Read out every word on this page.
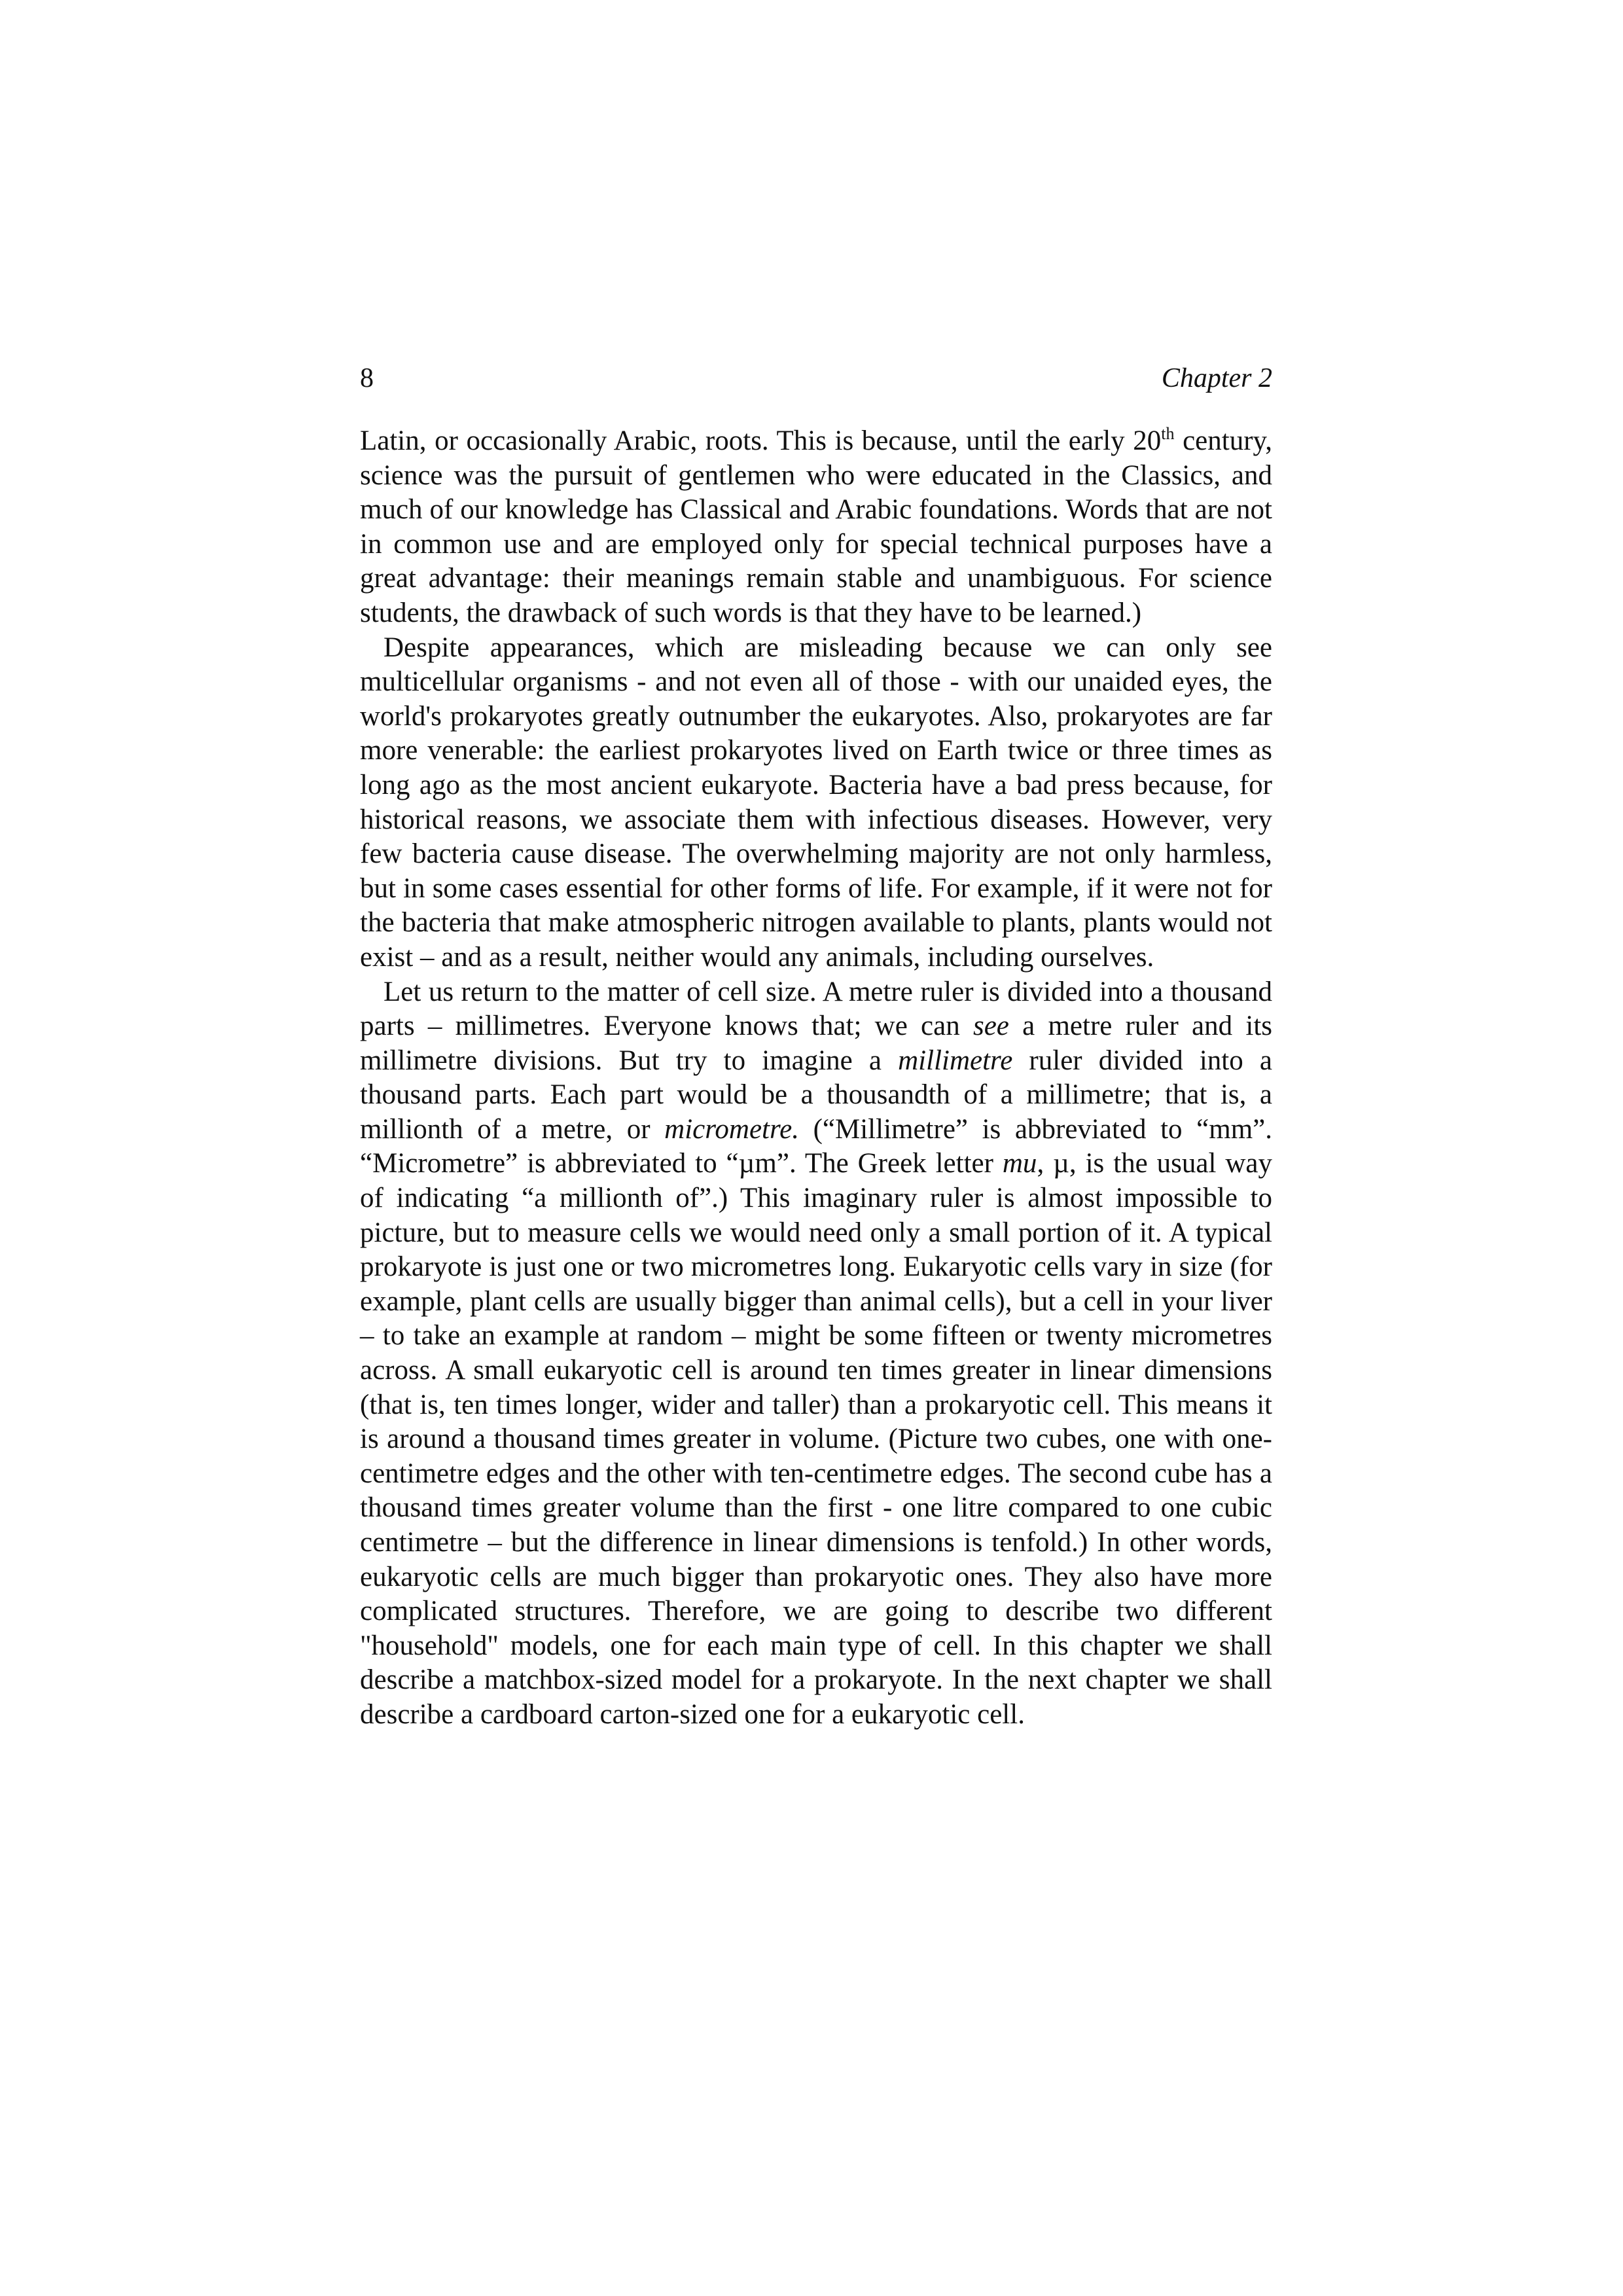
8	Chapter 2

Latin, or occasionally Arabic, roots. This is because, until the early 20th century, science was the pursuit of gentlemen who were educated in the Classics, and much of our knowledge has Classical and Arabic foundations. Words that are not in common use and are employed only for special technical purposes have a great advantage: their meanings remain stable and unambiguous. For science students, the drawback of such words is that they have to be learned.)

Despite appearances, which are misleading because we can only see multicellular organisms - and not even all of those - with our unaided eyes, the world's prokaryotes greatly outnumber the eukaryotes. Also, prokaryotes are far more venerable: the earliest prokaryotes lived on Earth twice or three times as long ago as the most ancient eukaryote. Bacteria have a bad press because, for historical reasons, we associate them with infectious diseases. However, very few bacteria cause disease. The overwhelming majority are not only harmless, but in some cases essential for other forms of life. For example, if it were not for the bacteria that make atmospheric nitrogen available to plants, plants would not exist – and as a result, neither would any animals, including ourselves.

Let us return to the matter of cell size. A metre ruler is divided into a thousand parts – millimetres. Everyone knows that; we can see a metre ruler and its millimetre divisions. But try to imagine a millimetre ruler divided into a thousand parts. Each part would be a thousandth of a millimetre; that is, a millionth of a metre, or micrometre. (“Millimetre” is abbreviated to “mm”. “Micrometre” is abbreviated to “µm”. The Greek letter mu, µ, is the usual way of indicating “a millionth of”.) This imaginary ruler is almost impossible to picture, but to measure cells we would need only a small portion of it. A typical prokaryote is just one or two micrometres long. Eukaryotic cells vary in size (for example, plant cells are usually bigger than animal cells), but a cell in your liver – to take an example at random – might be some fifteen or twenty micrometres across. A small eukaryotic cell is around ten times greater in linear dimensions (that is, ten times longer, wider and taller) than a prokaryotic cell. This means it is around a thousand times greater in volume. (Picture two cubes, one with one-centimetre edges and the other with ten-centimetre edges. The second cube has a thousand times greater volume than the first - one litre compared to one cubic centimetre – but the difference in linear dimensions is tenfold.) In other words, eukaryotic cells are much bigger than prokaryotic ones. They also have more complicated structures. Therefore, we are going to describe two different "household" models, one for each main type of cell. In this chapter we shall describe a matchbox-sized model for a prokaryote. In the next chapter we shall describe a cardboard carton-sized one for a eukaryotic cell.
